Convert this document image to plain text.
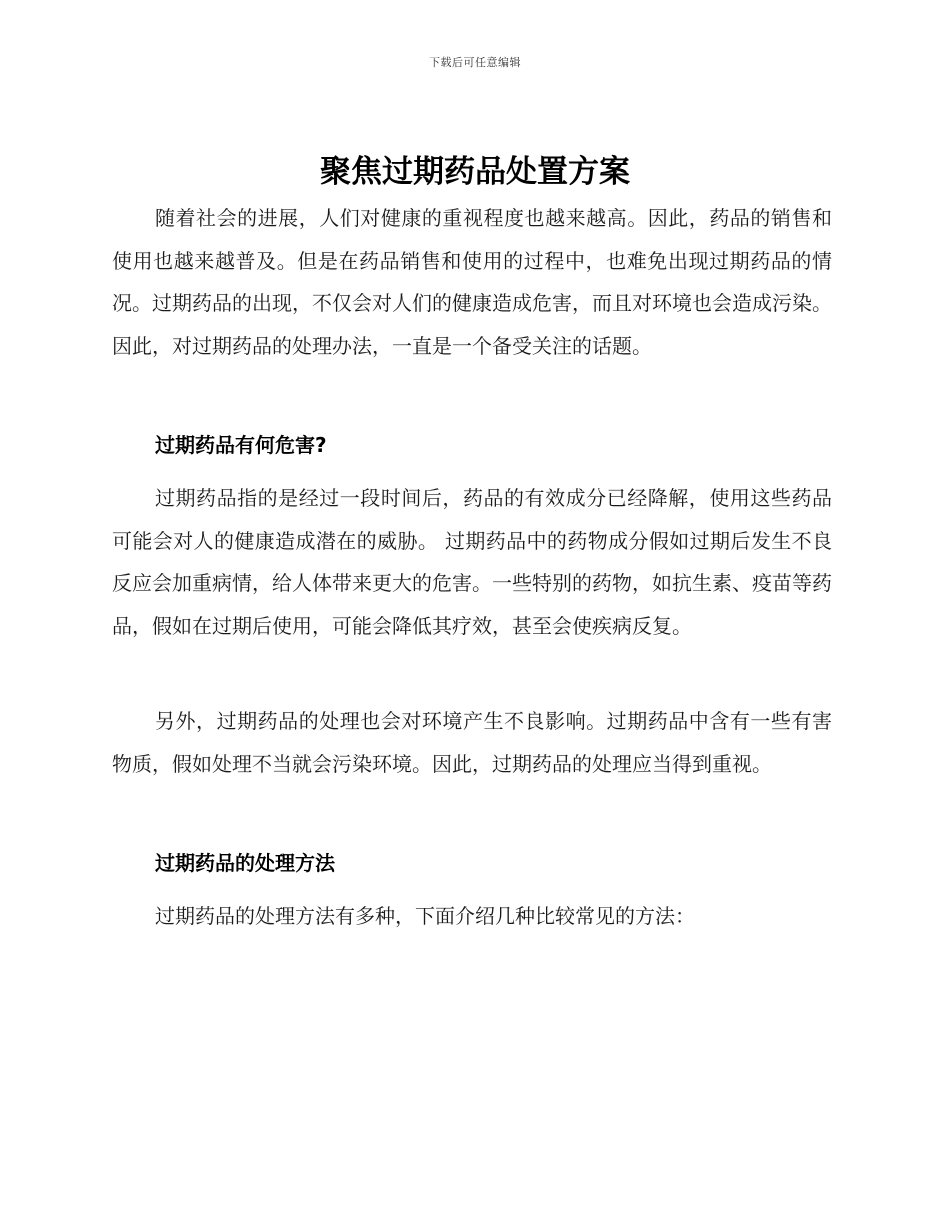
下载后可任意编辑
聚焦过期药品处置方案

随着社会的进展，人们对健康的重视程度也越来越高。因此，药品的销售和使用也越来越普及。但是在药品销售和使用的过程中，也难免出现过期药品的情况。过期药品的出现，不仅会对人们的健康造成危害，而且对环境也会造成污染。因此，对过期药品的处理办法，一直是一个备受关注的话题。

过期药品有何危害?

过期药品指的是经过一段时间后，药品的有效成分已经降解，使用这些药品可能会对人的健康造成潜在的威胁。 过期药品中的药物成分假如过期后发生不良反应会加重病情，给人体带来更大的危害。一些特别的药物，如抗生素、疫苗等药品，假如在过期后使用，可能会降低其疗效，甚至会使疾病反复。

另外，过期药品的处理也会对环境产生不良影响。过期药品中含有一些有害物质，假如处理不当就会污染环境。因此，过期药品的处理应当得到重视。

过期药品的处理方法

过期药品的处理方法有多种，下面介绍几种比较常见的方法：
